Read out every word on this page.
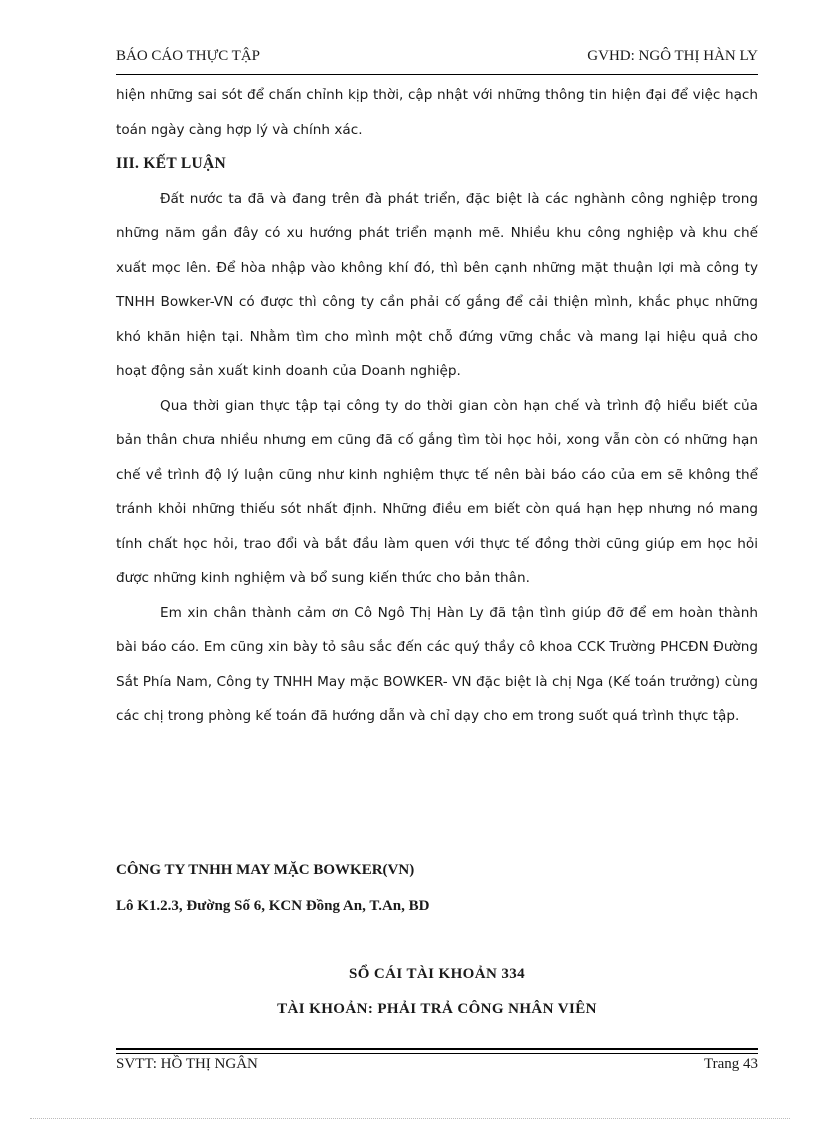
BÁO CÁO THỰC TẬP	GVHD: NGÔ THỊ HÀN LY

hiện những sai sót để chấn chỉnh kịp thời, cập nhật với những thông tin hiện đại để việc hạch toán ngày càng hợp lý và chính xác.

III. KẾT LUẬN

Đất nước ta đã và đang trên đà phát triển, đặc biệt là các nghành công nghiệp trong những năm gần đây có xu hướng phát triển mạnh mẽ. Nhiều khu công nghiệp và khu chế xuất mọc lên. Để hòa nhập vào không khí đó, thì bên cạnh những mặt thuận lợi mà công ty TNHH Bowker-VN có được thì công ty cần phải cố gắng để cải thiện mình, khắc phục những khó khăn hiện tại. Nhằm tìm cho mình một chỗ đứng vững chắc và mang lại hiệu quả cho hoạt động sản xuất kinh doanh của Doanh nghiệp.

Qua thời gian thực tập tại công ty do thời gian còn hạn chế và trình độ hiểu biết của bản thân chưa nhiều nhưng em cũng đã cố gắng tìm tòi học hỏi, xong vẫn còn có những hạn chế về trình độ lý luận cũng như kinh nghiệm thực tế nên bài báo cáo của em sẽ không thể tránh khỏi những thiếu sót nhất định. Những điều em biết còn quá hạn hẹp nhưng nó mang tính chất học hỏi, trao đổi và bắt đầu làm quen với thực tế đồng thời cũng giúp em học hỏi được những kinh nghiệm và bổ sung kiến thức cho bản thân.

Em xin chân thành cảm ơn Cô Ngô Thị Hàn Ly đã tận tình giúp đỡ để em hoàn thành bài báo cáo. Em cũng xin bày tỏ sâu sắc đến các quý thầy cô khoa CCK Trường PHCĐN Đường Sắt Phía Nam, Công ty TNHH May mặc BOWKER- VN đặc biệt là chị Nga (Kế toán trưởng) cùng các chị trong phòng kế toán đã hướng dẫn và chỉ dạy cho em trong suốt quá trình thực tập.

CÔNG TY TNHH MAY MẶC BOWKER(VN)
Lô K1.2.3, Đường Số 6, KCN Đồng An, T.An, BD
SỔ CÁI TÀI KHOẢN 334
TÀI KHOẢN: PHẢI TRẢ CÔNG NHÂN VIÊN
SVTT: HỒ THỊ NGÂN	Trang 43
